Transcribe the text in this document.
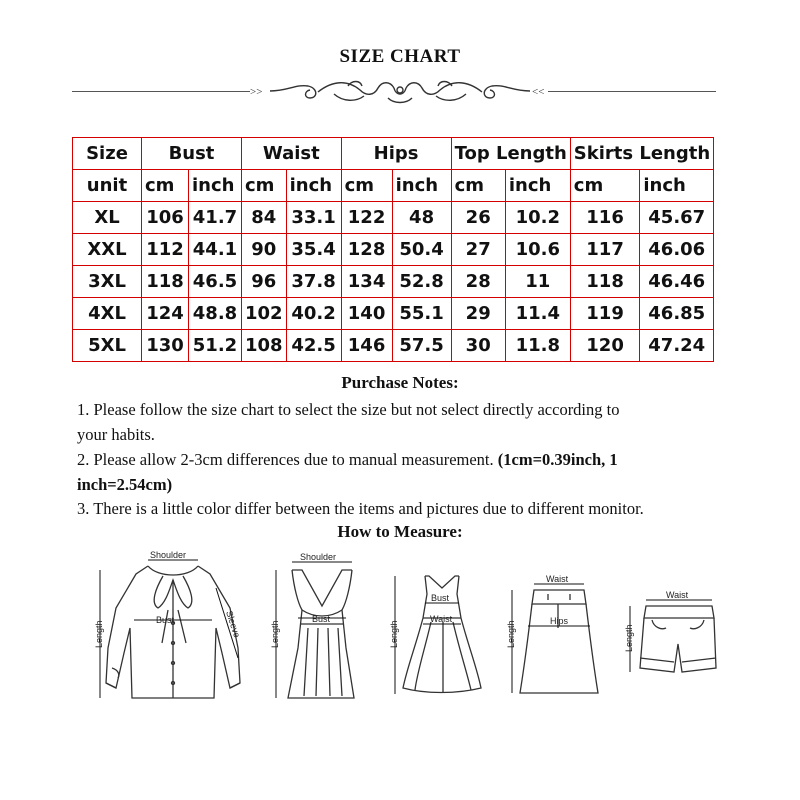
SIZE CHART
>>	<<
Size	Bust		Waist		Hips		Top Length		Skirts Length	
unit	cm	inch	cm	inch	cm	inch	cm	inch	cm	inch
XL	106	41.7	84	33.1	122	48	26	10.2	116	45.67
XXL	112	44.1	90	35.4	128	50.4	27	10.6	117	46.06
3XL	118	46.5	96	37.8	134	52.8	28	11	118	46.46
4XL	124	48.8	102	40.2	140	55.1	29	11.4	119	46.85
5XL	130	51.2	108	42.5	146	57.5	30	11.8	120	47.24
Purchase Notes:
1. Please follow the size chart to select the size but not select directly according to
your habits.
2. Please allow 2-3cm differences due to manual measurement. (1cm=0.39inch, 1
inch=2.54cm)
3. There is a little color differ between the items and pictures due to different monitor.
How to Measure:
Shoulder
Bust	Sleeve
Length
Shoulder
Bust
Length
Bust
Waist
Length
Waist
Hips
Length
Waist
Length
